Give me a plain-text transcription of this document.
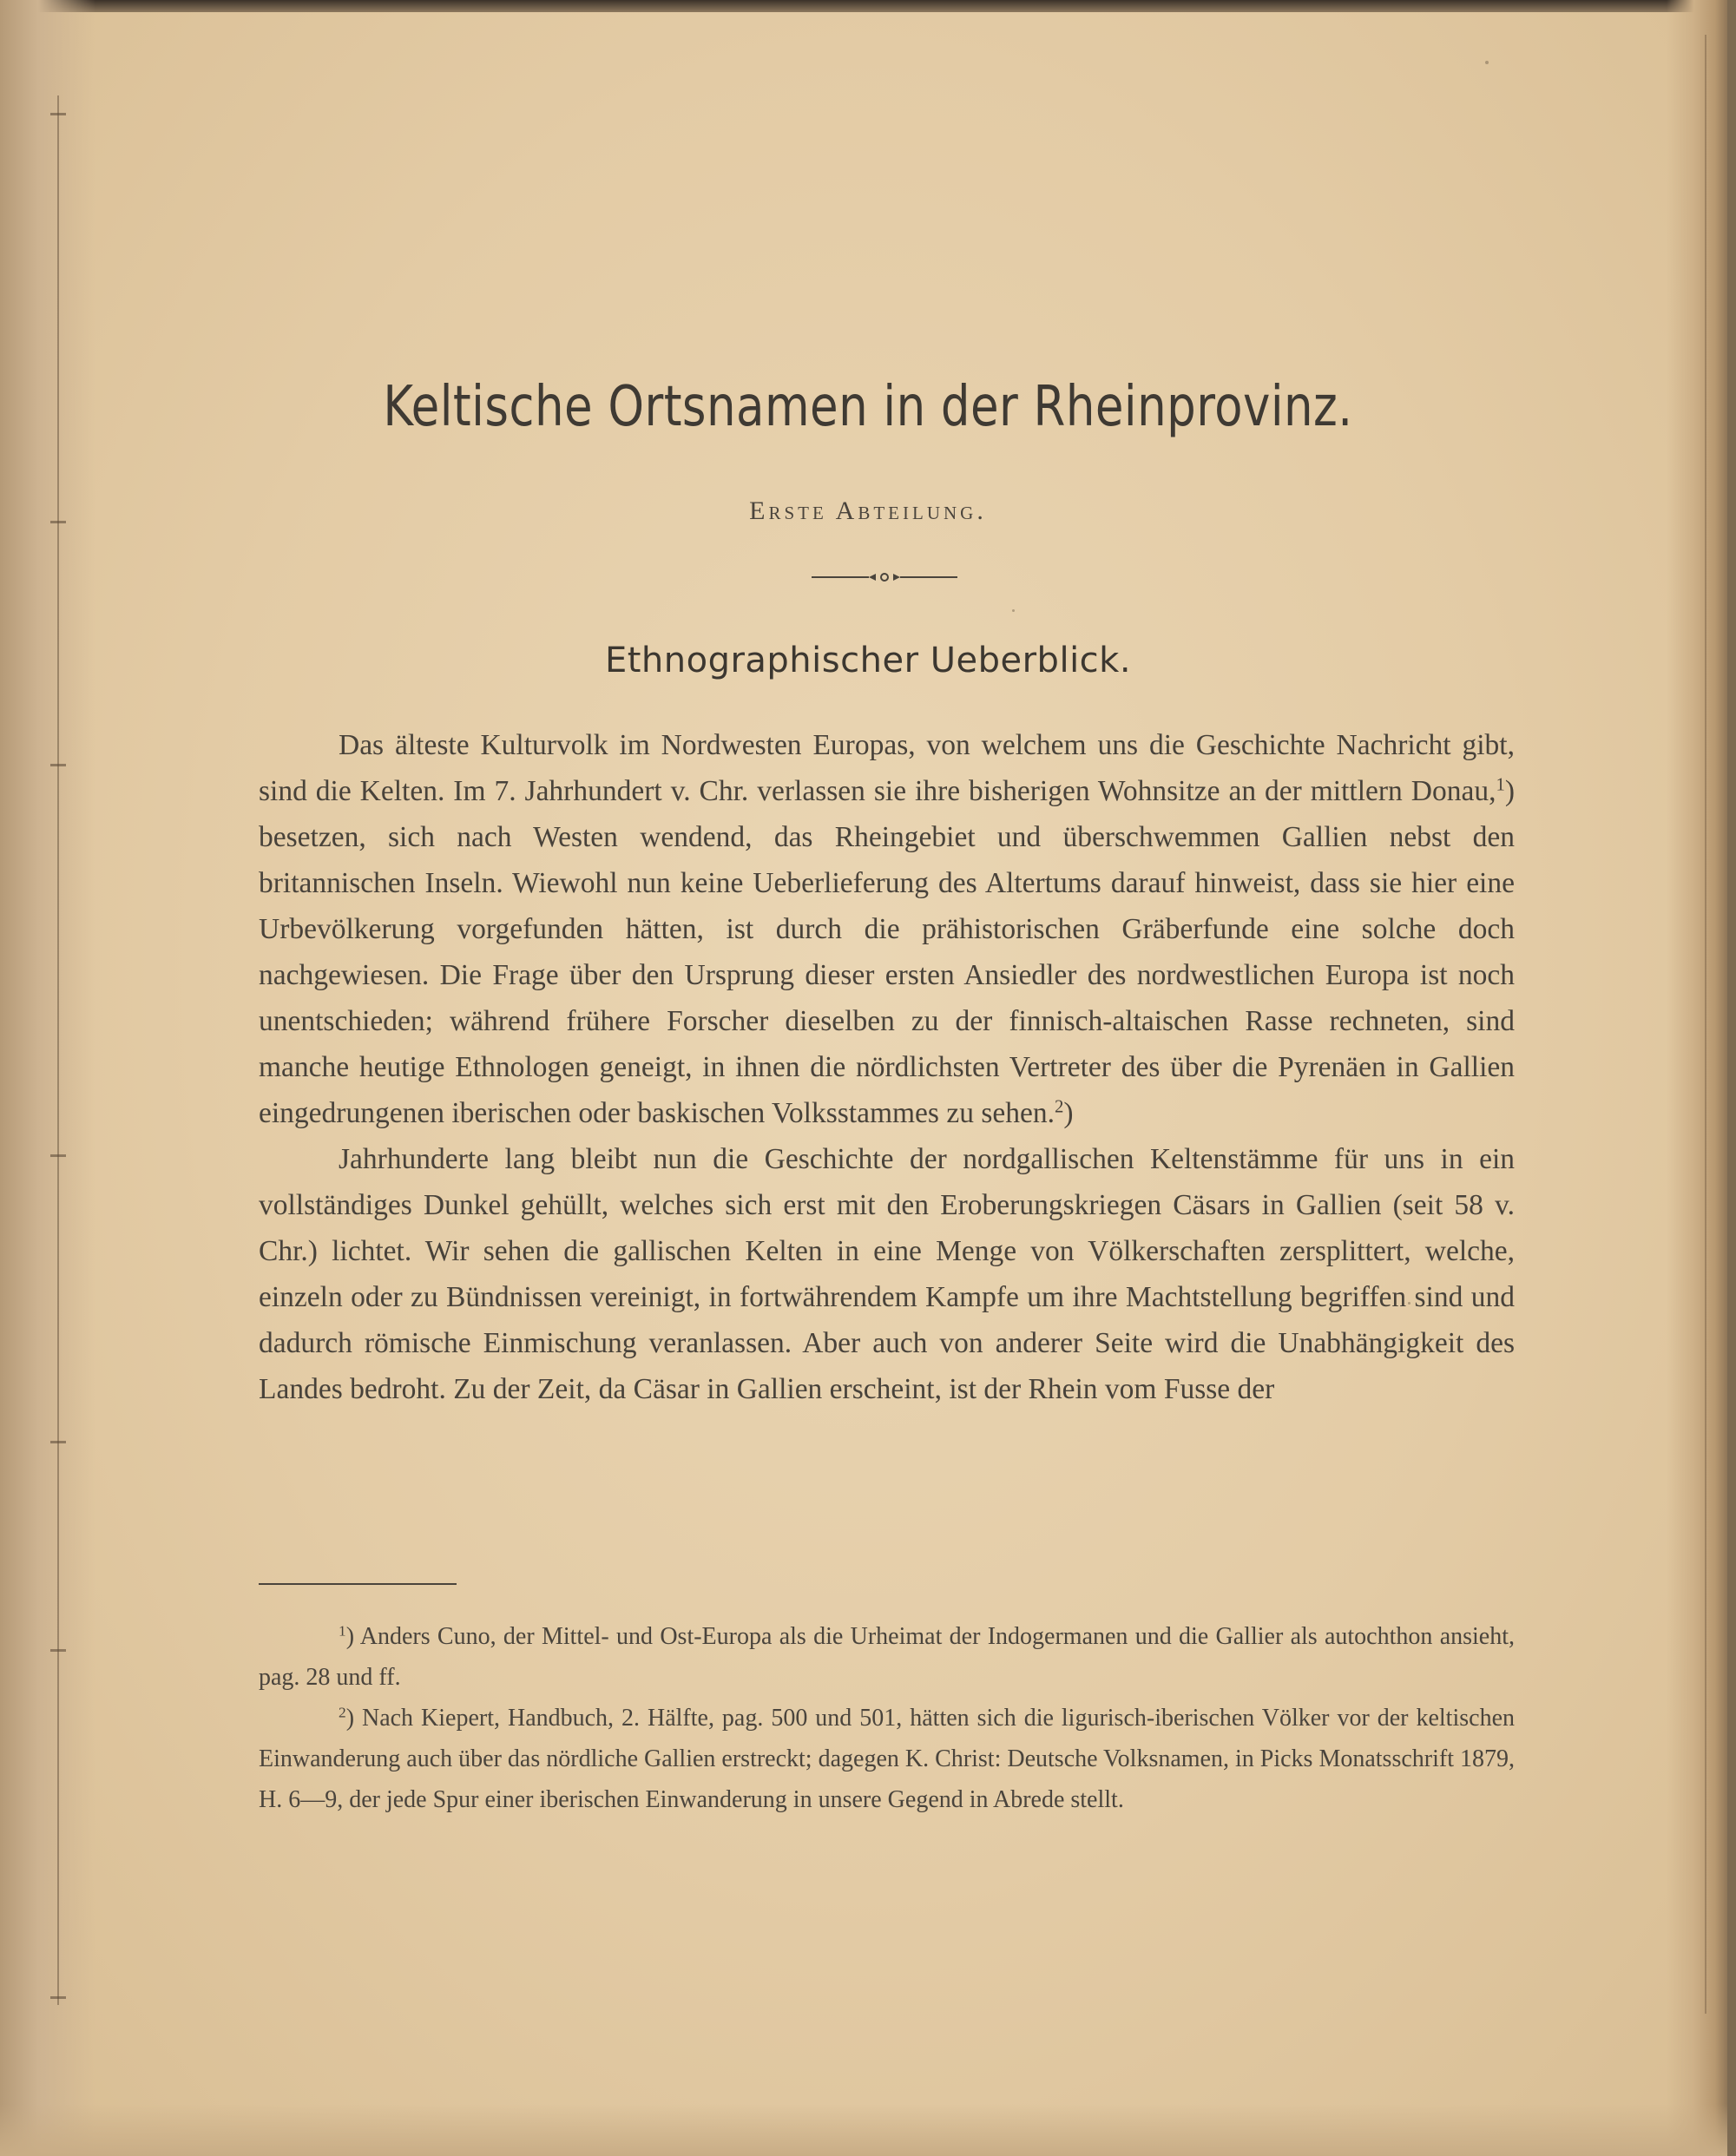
Keltische Ortsnamen in der Rheinprovinz.
Erste Abteilung.
Ethnographischer Ueberblick.

Das älteste Kulturvolk im Nordwesten Europas, von welchem uns die Geschichte Nachricht gibt, sind die Kelten. Im 7. Jahrhundert v. Chr. verlassen sie ihre bisherigen Wohnsitze an der mittlern Donau,$^1$) besetzen, sich nach Westen wendend, das Rheingebiet und überschwemmen Gallien nebst den britannischen Inseln. Wiewohl nun keine Ueberlieferung des Altertums darauf hinweist, dass sie hier eine Urbevölkerung vorgefunden hätten, ist durch die prähistorischen Gräberfunde eine solche doch nachgewiesen. Die Frage über den Ursprung dieser ersten Ansiedler des nordwestlichen Europa ist noch unentschieden; während frühere Forscher dieselben zu der finnisch-altaischen Rasse rechneten, sind manche heutige Ethnologen geneigt, in ihnen die nördlichsten Vertreter des über die Pyrenäen in Gallien eingedrungenen iberischen oder baskischen Volksstammes zu sehen.$^2$)

Jahrhunderte lang bleibt nun die Geschichte der nordgallischen Keltenstämme für uns in ein vollständiges Dunkel gehüllt, welches sich erst mit den Eroberungskriegen Cäsars in Gallien (seit 58 v. Chr.) lichtet. Wir sehen die gallischen Kelten in eine Menge von Völkerschaften zersplittert, welche, einzeln oder zu Bündnissen vereinigt, in fortwährendem Kampfe um ihre Machtstellung begriffen sind und dadurch römische Einmischung veranlassen. Aber auch von anderer Seite wird die Unabhängigkeit des Landes bedroht. Zu der Zeit, da Cäsar in Gallien erscheint, ist der Rhein vom Fusse der

$^1$) Anders Cuno, der Mittel- und Ost-Europa als die Urheimat der Indogermanen und die Gallier als autochthon ansieht, pag. 28 und ff.

$^2$) Nach Kiepert, Handbuch, 2. Hälfte, pag. 500 und 501, hätten sich die ligurisch-iberischen Völker vor der keltischen Einwanderung auch über das nördliche Gallien erstreckt; dagegen K. Christ: Deutsche Volksnamen, in Picks Monatsschrift 1879, H. 6—9, der jede Spur einer iberischen Einwanderung in unsere Gegend in Abrede stellt.
